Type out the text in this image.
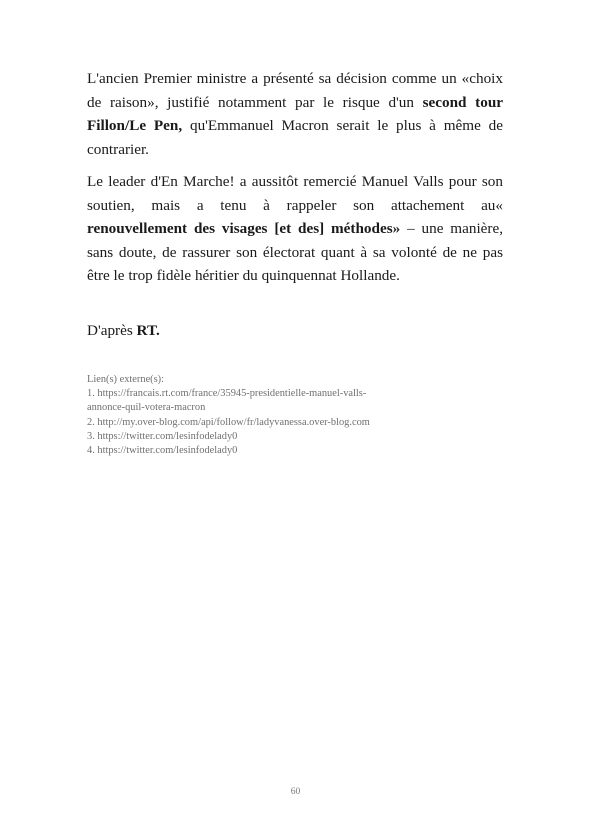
L'ancien Premier ministre a présenté sa décision comme un «choix de raison», justifié notamment par le risque d'un second tour Fillon/Le Pen, qu'Emmanuel Macron serait le plus à même de contrarier.

Le leader d'En Marche! a aussitôt remercié Manuel Valls pour son soutien, mais a tenu à rappeler son attachement au« renouvellement des visages [et des] méthodes» – une manière, sans doute, de rassurer son électorat quant à sa volonté de ne pas être le trop fidèle héritier du quinquennat Hollande.

D'après RT.

Lien(s) externe(s):
1. https://francais.rt.com/france/35945-presidentielle-manuel-valls-
annonce-quil-votera-macron
2. http://my.over-blog.com/api/follow/fr/ladyvanessa.over-blog.com
3. https://twitter.com/lesinfodelady0
4. https://twitter.com/lesinfodelady0
60
